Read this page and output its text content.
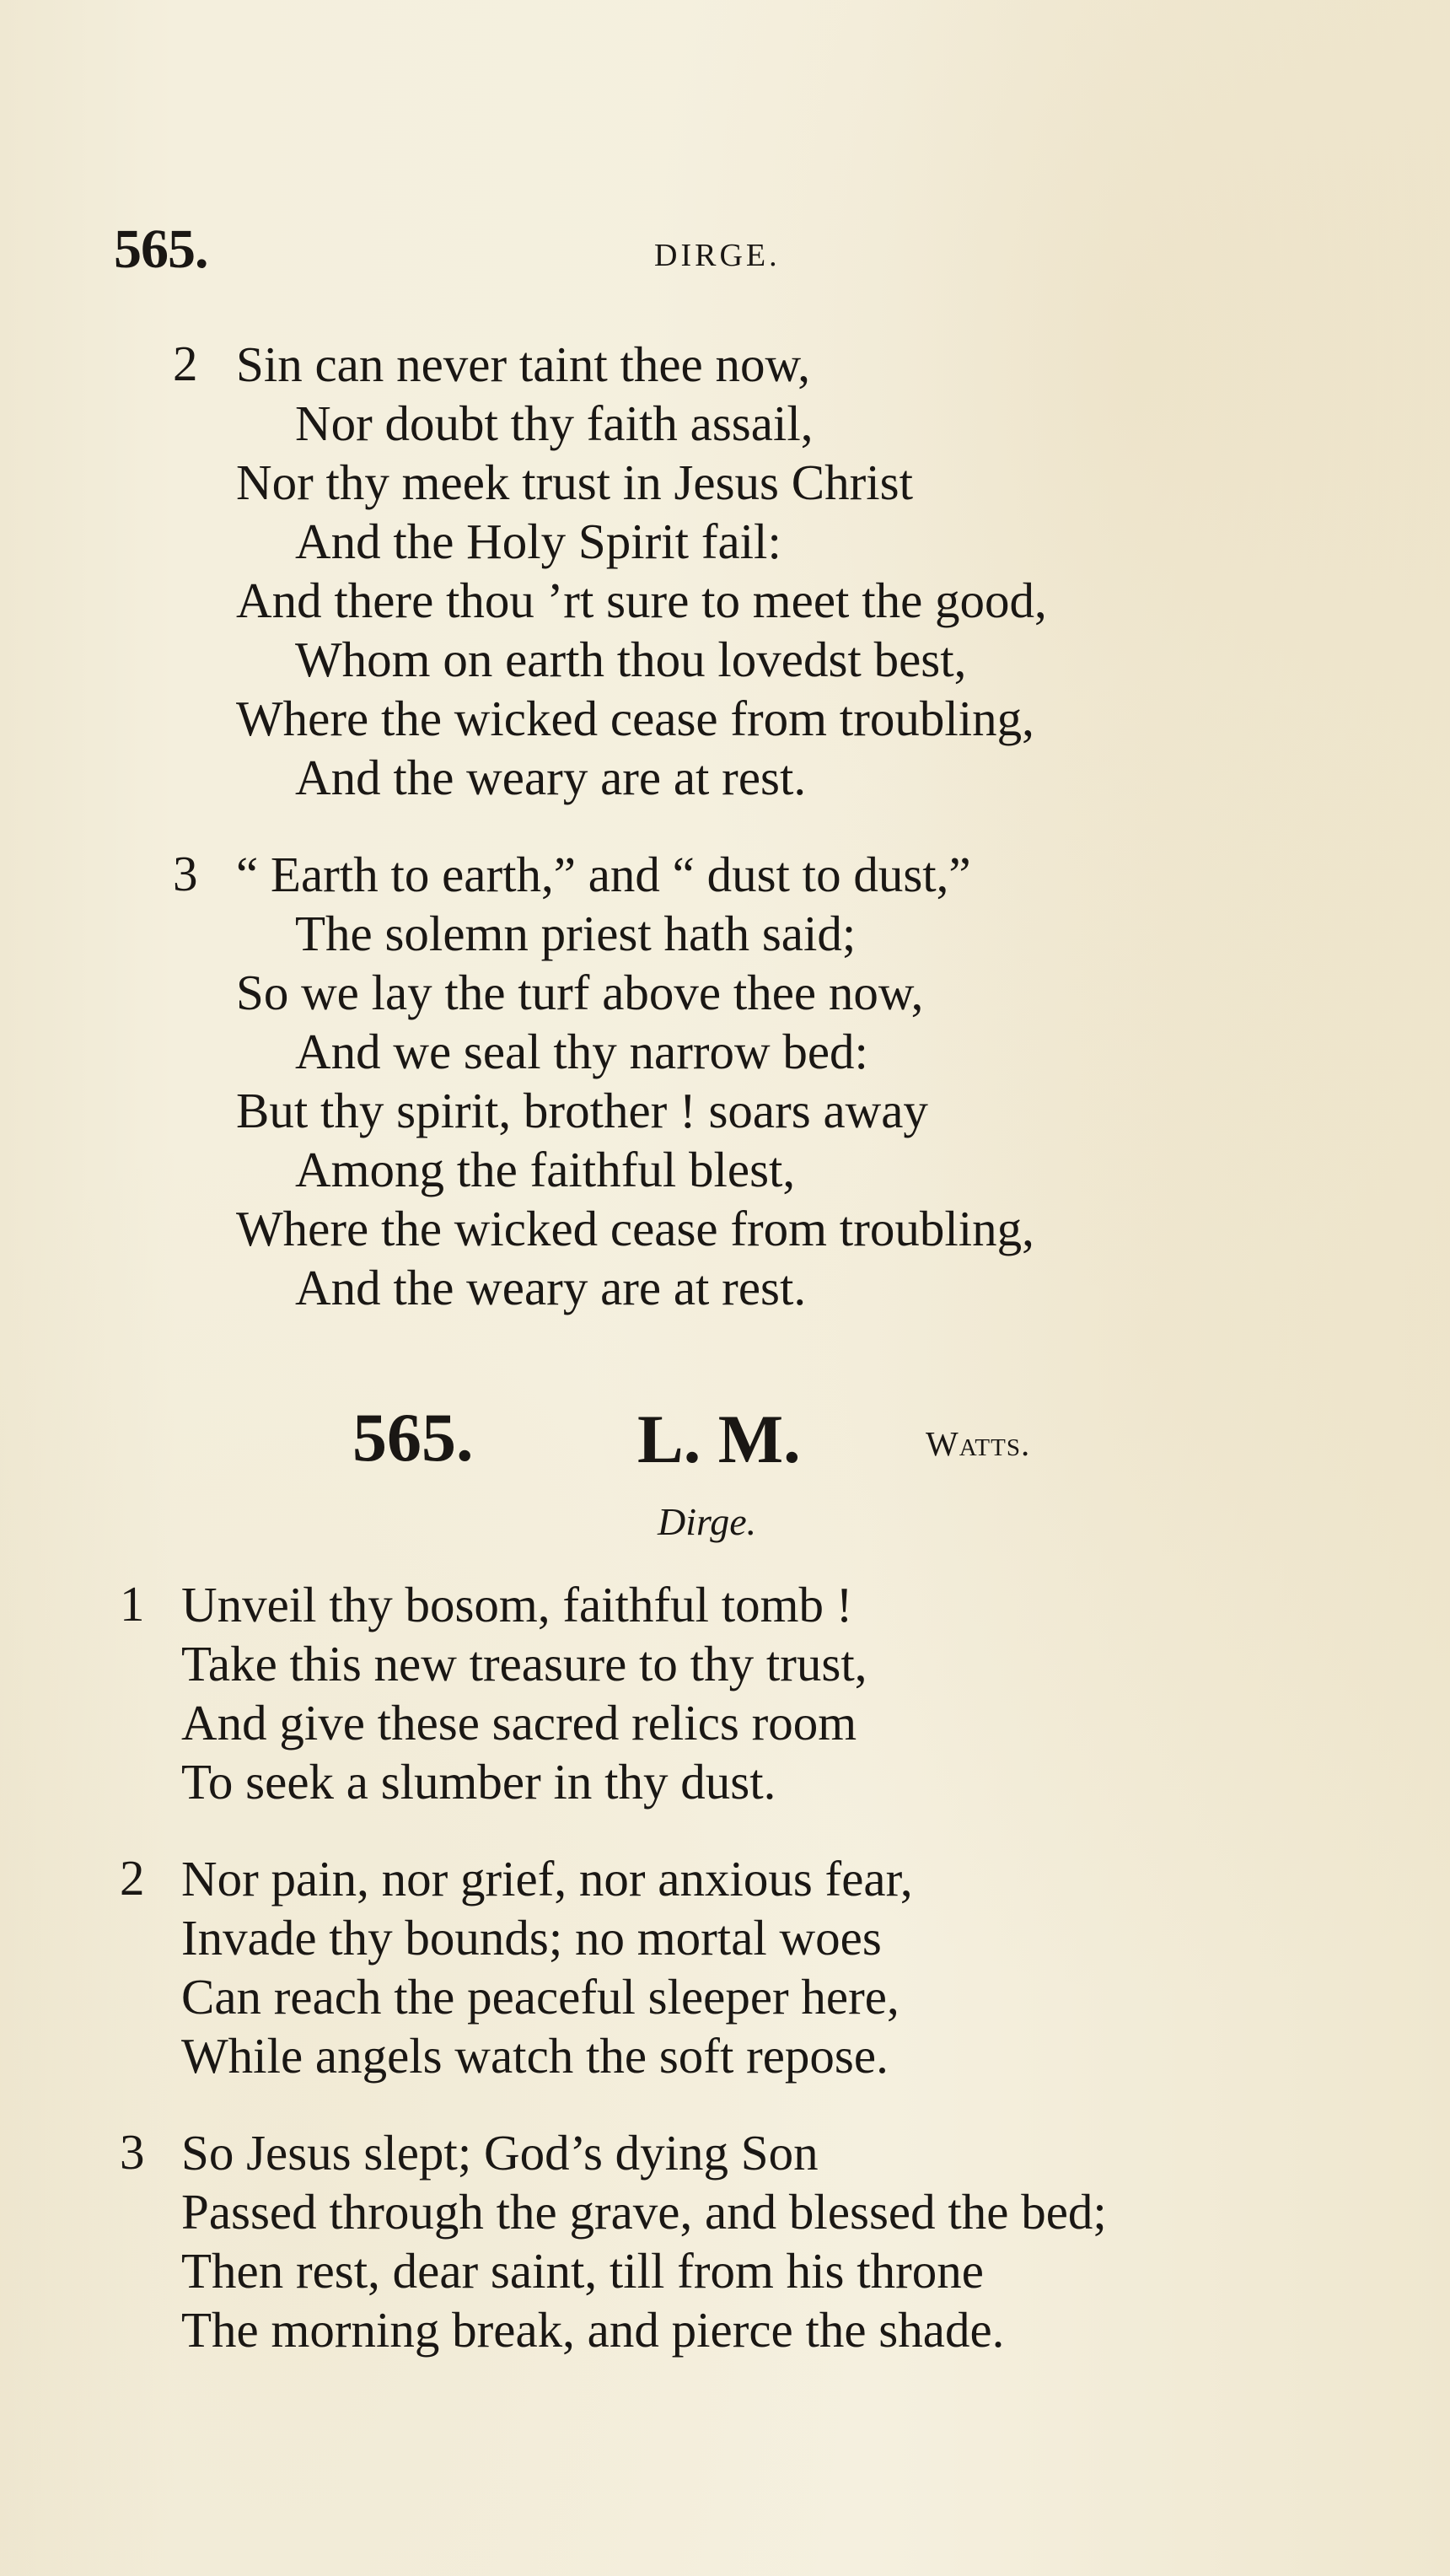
565.	DIRGE.
2 Sin can never taint thee now,
Nor doubt thy faith assail,
Nor thy meek trust in Jesus Christ
And the Holy Spirit fail:
And there thou ’rt sure to meet the good,
Whom on earth thou lovedst best,
Where the wicked cease from troubling,
And the weary are at rest.
3 “ Earth to earth,” and “ dust to dust,”
The solemn priest hath said;
So we lay the turf above thee now,
And we seal thy narrow bed:
But thy spirit, brother ! soars away
Among the faithful blest,
Where the wicked cease from troubling,
And the weary are at rest.
565. L. M.	Watts.
Dirge.
1 Unveil thy bosom, faithful tomb !
Take this new treasure to thy trust,
And give these sacred relics room
To seek a slumber in thy dust.
2 Nor pain, nor grief, nor anxious fear,
Invade thy bounds; no mortal woes
Can reach the peaceful sleeper here,
While angels watch the soft repose.
3 So Jesus slept; God’s dying Son
Passed through the grave, and blessed the bed;
Then rest, dear saint, till from his throne
The morning break, and pierce the shade.
